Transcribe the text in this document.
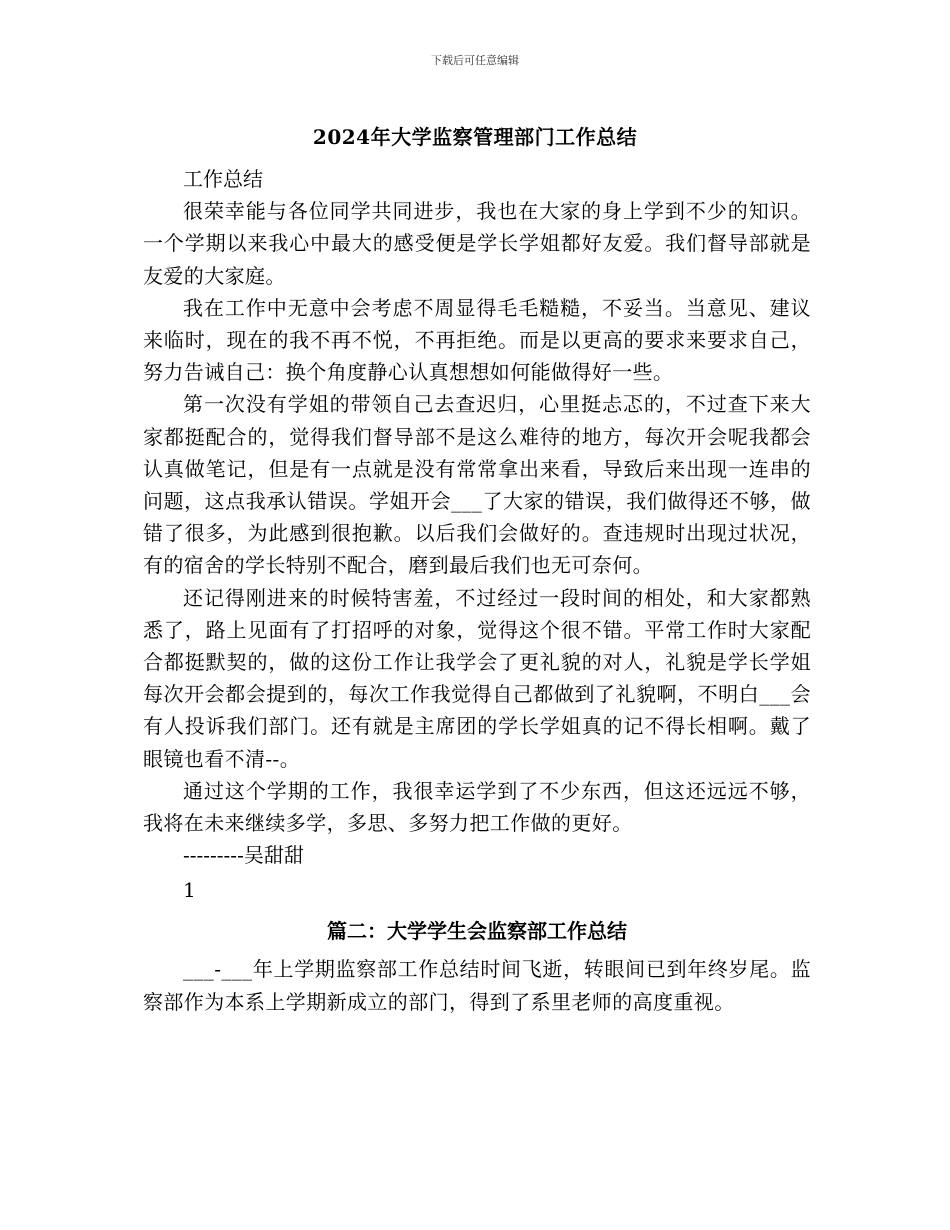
下载后可任意编辑
2024年大学监察管理部门工作总结

工作总结

很荣幸能与各位同学共同进步，我也在大家的身上学到不少的知识。一个学期以来我心中最大的感受便是学长学姐都好友爱。我们督导部就是友爱的大家庭。

我在工作中无意中会考虑不周显得毛毛糙糙，不妥当。当意见、建议来临时，现在的我不再不悦，不再拒绝。而是以更高的要求来要求自己，努力告诫自己：换个角度静心认真想想如何能做得好一些。

第一次没有学姐的带领自己去查迟归，心里挺忐忑的，不过查下来大家都挺配合的，觉得我们督导部不是这么难待的地方，每次开会呢我都会认真做笔记，但是有一点就是没有常常拿出来看，导致后来出现一连串的问题，这点我承认错误。学姐开会___了大家的错误，我们做得还不够，做错了很多，为此感到很抱歉。以后我们会做好的。查违规时出现过状况，有的宿舍的学长特别不配合，磨到最后我们也无可奈何。

还记得刚进来的时候特害羞，不过经过一段时间的相处，和大家都熟悉了，路上见面有了打招呼的对象，觉得这个很不错。平常工作时大家配合都挺默契的，做的这份工作让我学会了更礼貌的对人，礼貌是学长学姐每次开会都会提到的，每次工作我觉得自己都做到了礼貌啊，不明白___会有人投诉我们部门。还有就是主席团的学长学姐真的记不得长相啊。戴了眼镜也看不清--。

通过这个学期的工作，我很幸运学到了不少东西，但这还远远不够，我将在未来继续多学，多思、多努力把工作做的更好。

---------吴甜甜

1

篇二：大学学生会监察部工作总结

___-___年上学期监察部工作总结时间飞逝，转眼间已到年终岁尾。监察部作为本系上学期新成立的部门，得到了系里老师的高度重视。
